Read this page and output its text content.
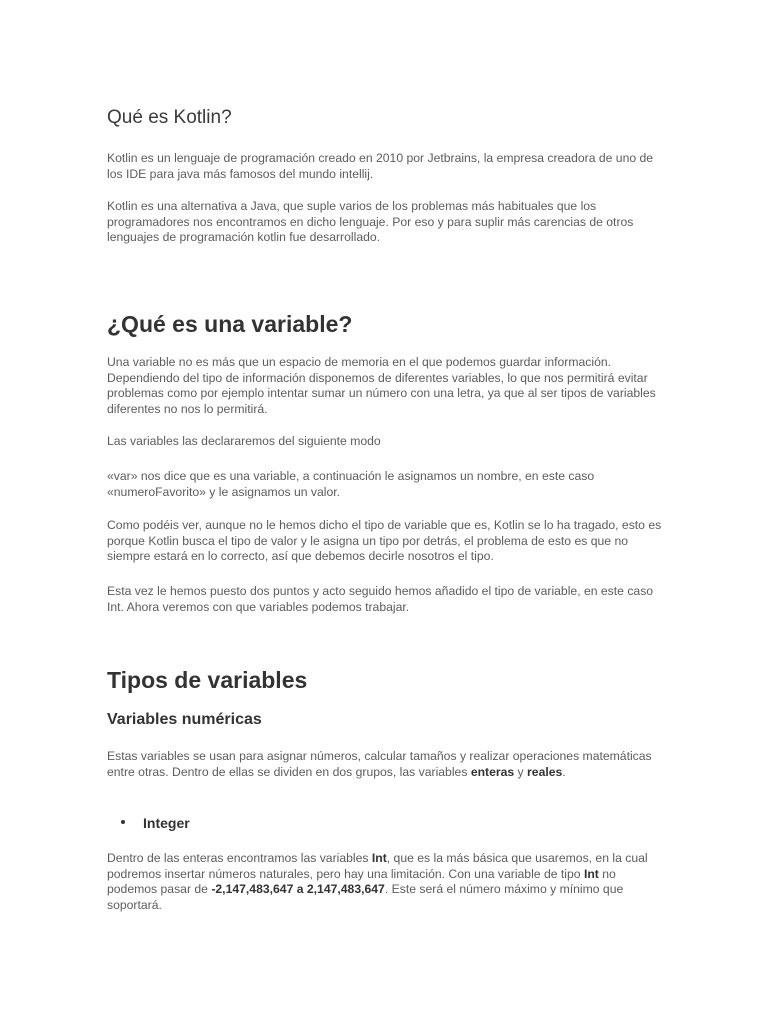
Qué es Kotlin?

Kotlin es un lenguaje de programación creado en 2010 por Jetbrains, la empresa creadora de uno de los IDE para java más famosos del mundo intellij.

Kotlin es una alternativa a Java, que suple varios de los problemas más habituales que los programadores nos encontramos en dicho lenguaje. Por eso y para suplir más carencias de otros lenguajes de programación kotlin fue desarrollado.

¿Qué es una variable?

Una variable no es más que un espacio de memoria en el que podemos guardar información. Dependiendo del tipo de información disponemos de diferentes variables, lo que nos permitirá evitar problemas como por ejemplo intentar sumar un número con una letra, ya que al ser tipos de variables diferentes no nos lo permitirá.

Las variables las declararemos del siguiente modo

«var» nos dice que es una variable, a continuación le asignamos un nombre, en este caso «numeroFavorito» y le asignamos un valor.

Como podéis ver, aunque no le hemos dicho el tipo de variable que es, Kotlin se lo ha tragado, esto es porque Kotlin busca el tipo de valor y le asigna un tipo por detrás, el problema de esto es que no siempre estará en lo correcto, así que debemos decirle nosotros el tipo.

Esta vez le hemos puesto dos puntos y acto seguido hemos añadido el tipo de variable, en este caso Int. Ahora veremos con que variables podemos trabajar.

Tipos de variables
Variables numéricas

Estas variables se usan para asignar números, calcular tamaños y realizar operaciones matemáticas entre otras. Dentro de ellas se dividen en dos grupos, las variables enteras y reales.

Integer

Dentro de las enteras encontramos las variables Int, que es la más básica que usaremos, en la cual podremos insertar números naturales, pero hay una limitación. Con una variable de tipo Int no podemos pasar de -2,147,483,647 a 2,147,483,647. Este será el número máximo y mínimo que soportará.
